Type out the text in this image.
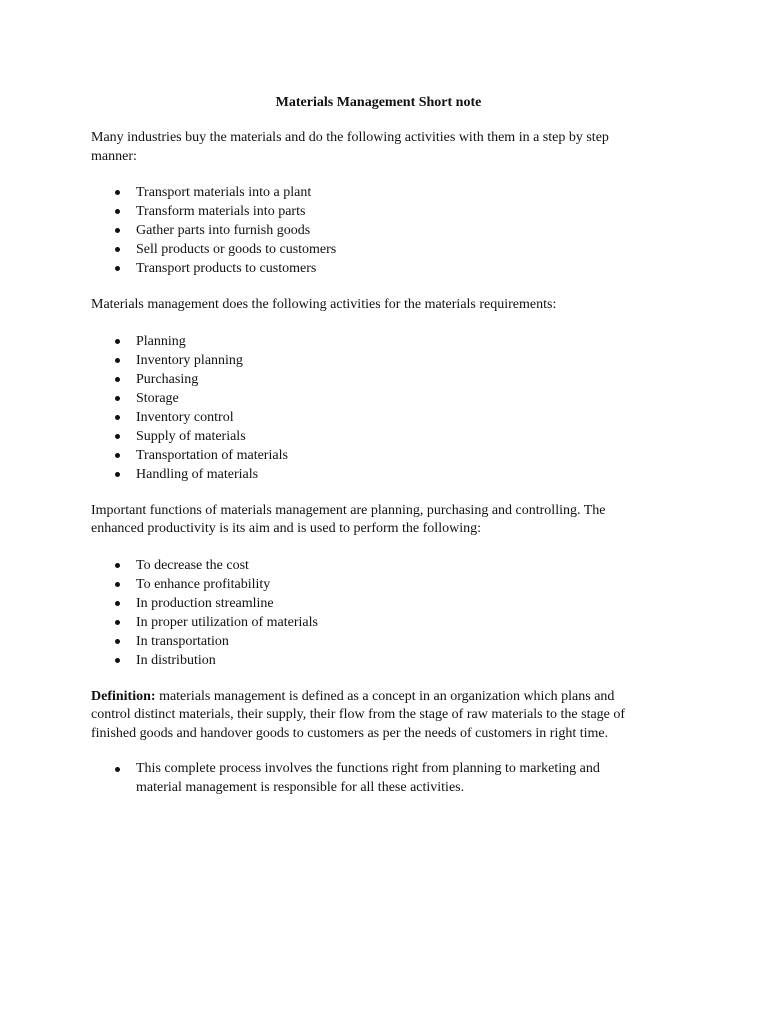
Materials Management Short note

Many industries buy the materials and do the following activities with them in a step by step manner:

Transport materials into a plant
Transform materials into parts
Gather parts into furnish goods
Sell products or goods to customers
Transport products to customers

Materials management does the following activities for the materials requirements:

Planning
Inventory planning
Purchasing
Storage
Inventory control
Supply of materials
Transportation of materials
Handling of materials

Important functions of materials management are planning, purchasing and controlling. The enhanced productivity is its aim and is used to perform the following:

To decrease the cost
To enhance profitability
In production streamline
In proper utilization of materials
In transportation
In distribution

Definition: materials management is defined as a concept in an organization which plans and control distinct materials, their supply, their flow from the stage of raw materials to the stage of finished goods and handover goods to customers as per the needs of customers in right time.

This complete process involves the functions right from planning to marketing and material management is responsible for all these activities.
